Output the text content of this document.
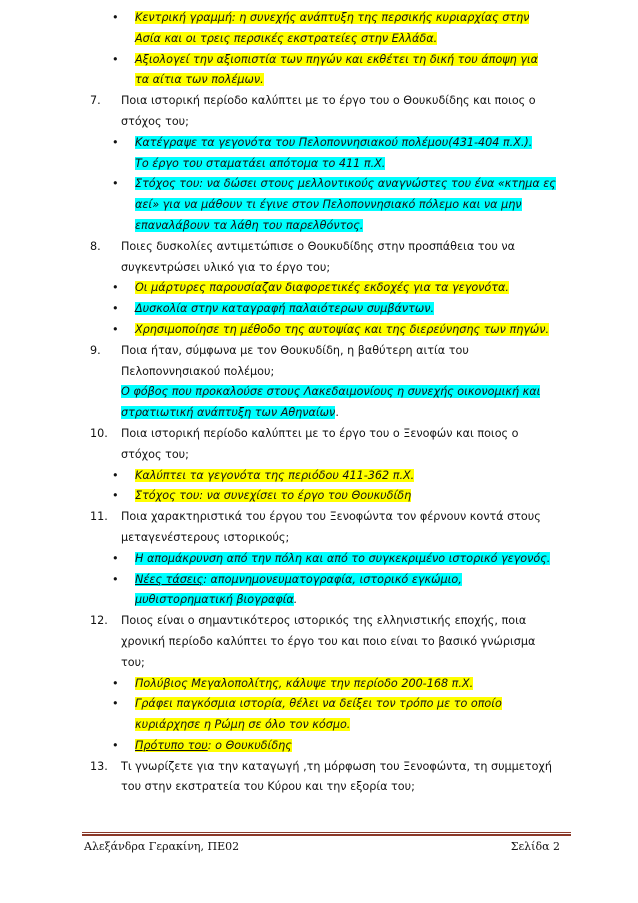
• Κεντρική γραμμή: η συνεχής ανάπτυξη της περσικής κυριαρχίας στην
Ασία και οι τρεις περσικές εκστρατείες στην Ελλάδα.
• Αξιολογεί την αξιοπιστία των πηγών και εκθέτει τη δική του άποψη για
τα αίτια των πολέμων.
7.	Ποια ιστορική περίοδο καλύπτει με το έργο του ο Θουκυδίδης και ποιος ο
στόχος του;
• Κατέγραψε τα γεγονότα του Πελοποννησιακού πολέμου(431-404 π.Χ.).
Το έργο του σταματάει απότομα το 411 π.Χ.
• Στόχος του: να δώσει στους μελλοντικούς αναγνώστες του ένα «κτημα ες
αεί» για να μάθουν τι έγινε στον Πελοποννησιακό πόλεμο και να μην
επαναλάβουν τα λάθη του παρελθόντος.
8.	Ποιες δυσκολίες αντιμετώπισε ο Θουκυδίδης στην προσπάθεια του να
συγκεντρώσει υλικό για το έργο του;
• Οι μάρτυρες παρουσίαζαν διαφορετικές εκδοχές για τα γεγονότα.
• Δυσκολία στην καταγραφή παλαιότερων συμβάντων.
• Χρησιμοποίησε τη μέθοδο της αυτοψίας και της διερεύνησης των πηγών.
9.	Ποια ήταν, σύμφωνα με τον Θουκυδίδη, η βαθύτερη αιτία του
Πελοποννησιακού πολέμου;
Ο φόβος που προκαλούσε στους Λακεδαιμονίους η συνεχής οικονομική και
στρατιωτική ανάπτυξη των Αθηναίων.
10.	Ποια ιστορική περίοδο καλύπτει με το έργο του ο Ξενοφών και ποιος ο
στόχος του;
• Καλύπτει τα γεγονότα της περιόδου 411-362 π.Χ.
• Στόχος του: να συνεχίσει το έργο του Θουκυδίδη
11.	Ποια χαρακτηριστικά του έργου του Ξενοφώντα τον φέρνουν κοντά στους
μεταγενέστερους ιστορικούς;
• Η απομάκρυνση από την πόλη και από το συγκεκριμένο ιστορικό γεγονός.
• Νέες τάσεις: απομνημονευματογραφία, ιστορικό εγκώμιο,
μυθιστορηματική βιογραφία.
12.	Ποιος είναι ο σημαντικότερος ιστορικός της ελληνιστικής εποχής, ποια
χρονική περίοδο καλύπτει το έργο του και ποιο είναι το βασικό γνώρισμα
του;
• Πολύβιος Μεγαλοπολίτης, κάλυψε την περίοδο 200-168 π.Χ.
• Γράφει παγκόσμια ιστορία, θέλει να δείξει τον τρόπο με το οποίο
κυριάρχησε η Ρώμη σε όλο τον κόσμο.
• Πρότυπο του: ο Θουκυδίδης
13.	Τι γνωρίζετε για την καταγωγή ,τη μόρφωση του Ξενοφώντα, τη συμμετοχή
του στην εκστρατεία του Κύρου και την εξορία του;
Αλεξάνδρα Γερακίνη, ΠΕ02	Σελίδα 2
